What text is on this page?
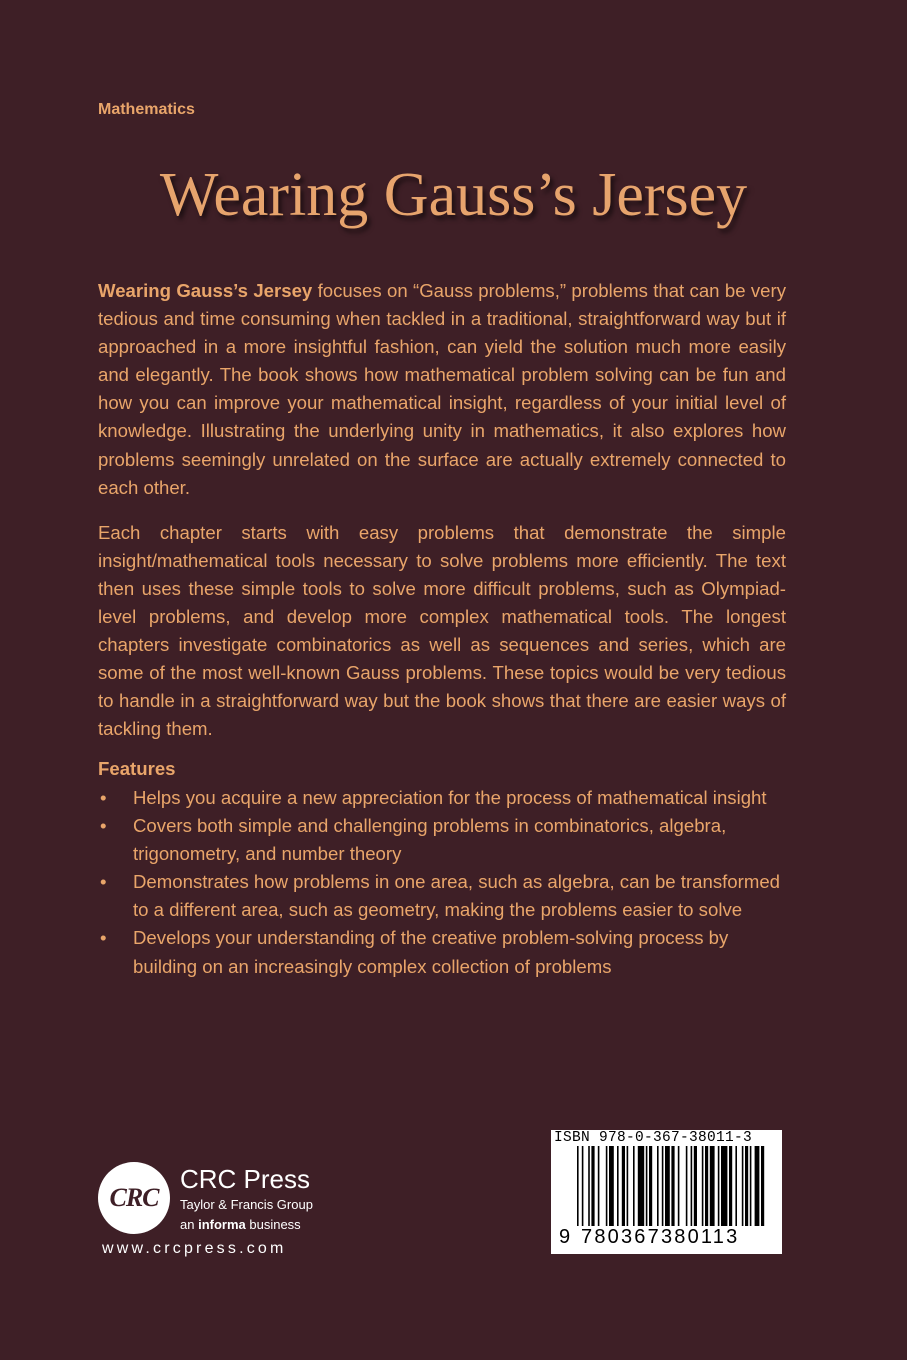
Mathematics
Wearing Gauss’s Jersey

Wearing Gauss’s Jersey focuses on “Gauss problems,” problems that can be very tedious and time consuming when tackled in a traditional, straightforward way but if approached in a more insightful fashion, can yield the solution much more easily and elegantly. The book shows how mathematical problem solving can be fun and how you can improve your mathematical insight, regardless of your initial level of knowledge. Illustrating the underlying unity in mathematics, it also explores how problems seemingly unrelated on the surface are actually extremely connected to each other.

Each chapter starts with easy problems that demonstrate the simple insight/mathematical tools necessary to solve problems more efficiently. The text then uses these simple tools to solve more difficult problems, such as Olympiad-level problems, and develop more complex mathematical tools. The longest chapters investigate combinatorics as well as sequences and series, which are some of the most well-known Gauss problems. These topics would be very tedious to handle in a straightforward way but the book shows that there are easier ways of tackling them.

Features
• Helps you acquire a new appreciation for the process of mathematical insight
• Covers both simple and challenging problems in combinatorics, algebra, trigonometry, and number theory
• Demonstrates how problems in one area, such as algebra, can be transformed to a different area, such as geometry, making the problems easier to solve
• Develops your understanding of the creative problem-solving process by building on an increasingly complex collection of problems
CRC
CRC Press
Taylor & Francis Group
an informa business
www.crcpress.com
ISBN 978-0-367-38011-3
9 780367380113
